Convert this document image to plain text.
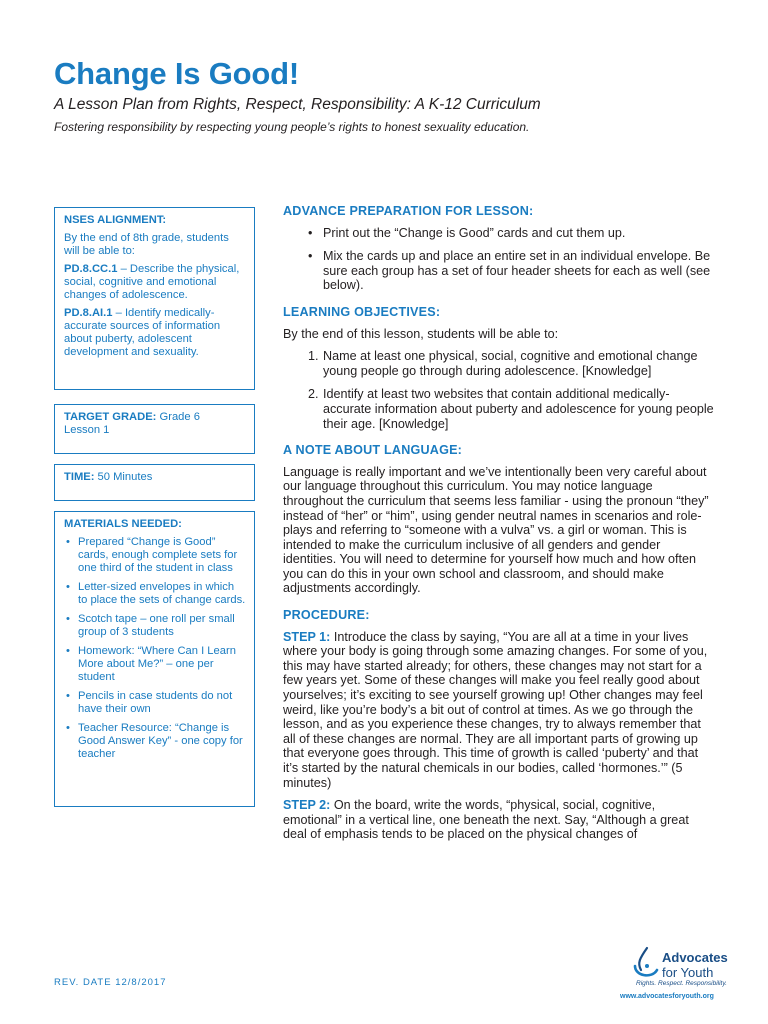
Change Is Good!

A Lesson Plan from Rights, Respect, Responsibility: A K-12 Curriculum

Fostering responsibility by respecting young people’s rights to honest sexuality education.

NSES ALIGNMENT:

By the end of 8th grade, students will be able to:

PD.8.CC.1 – Describe the physical, social, cognitive and emotional changes of adolescence.

PD.8.AI.1 – Identify medically-accurate sources of information about puberty, adolescent development and sexuality.

TARGET GRADE: Grade 6
Lesson 1
TIME: 50 Minutes
MATERIALS NEEDED:
• Prepared “Change is Good” cards, enough complete sets for one third of the student in class
• Letter-sized envelopes in which to place the sets of change cards.
• Scotch tape – one roll per small group of 3 students
• Homework: “Where Can I Learn More about Me?” – one per student
• Pencils in case students do not have their own
• Teacher Resource: “Change is Good Answer Key” - one copy for teacher
ADVANCE PREPARATION FOR LESSON:
• Print out the “Change is Good” cards and cut them up.
• Mix the cards up and place an entire set in an individual envelope. Be sure each group has a set of four header sheets for each as well (see below).
LEARNING OBJECTIVES:

By the end of this lesson, students will be able to:

1. Name at least one physical, social, cognitive and emotional change young people go through during adolescence. [Knowledge]
2. Identify at least two websites that contain additional medically-accurate information about puberty and adolescence for young people their age. [Knowledge]
A NOTE ABOUT LANGUAGE:

Language is really important and we’ve intentionally been very careful about our language throughout this curriculum. You may notice language throughout the curriculum that seems less familiar - using the pronoun “they” instead of “her” or “him”, using gender neutral names in scenarios and role-plays and referring to “someone with a vulva” vs. a girl or woman. This is intended to make the curriculum inclusive of all genders and gender identities. You will need to determine for yourself how much and how often you can do this in your own school and classroom, and should make adjustments accordingly.

PROCEDURE:

STEP 1: Introduce the class by saying, “You are all at a time in your lives where your body is going through some amazing changes. For some of you, this may have started already; for others, these changes may not start for a few years yet. Some of these changes will make you feel really good about yourselves; it’s exciting to see yourself growing up! Other changes may feel weird, like you’re body’s a bit out of control at times. As we go through the lesson, and as you experience these changes, try to always remember that all of these changes are normal. They are all important parts of growing up that everyone goes through. This time of growth is called ‘puberty’ and that it’s started by the natural chemicals in our bodies, called ‘hormones.’” (5 minutes)

STEP 2: On the board, write the words, “physical, social, cognitive, emotional” in a vertical line, one beneath the next. Say, “Although a great deal of emphasis tends to be placed on the physical changes of

REV. DATE 12/8/2017

Advocates
for Youth
Rights. Respect. Responsibility.
www.advocatesforyouth.org
